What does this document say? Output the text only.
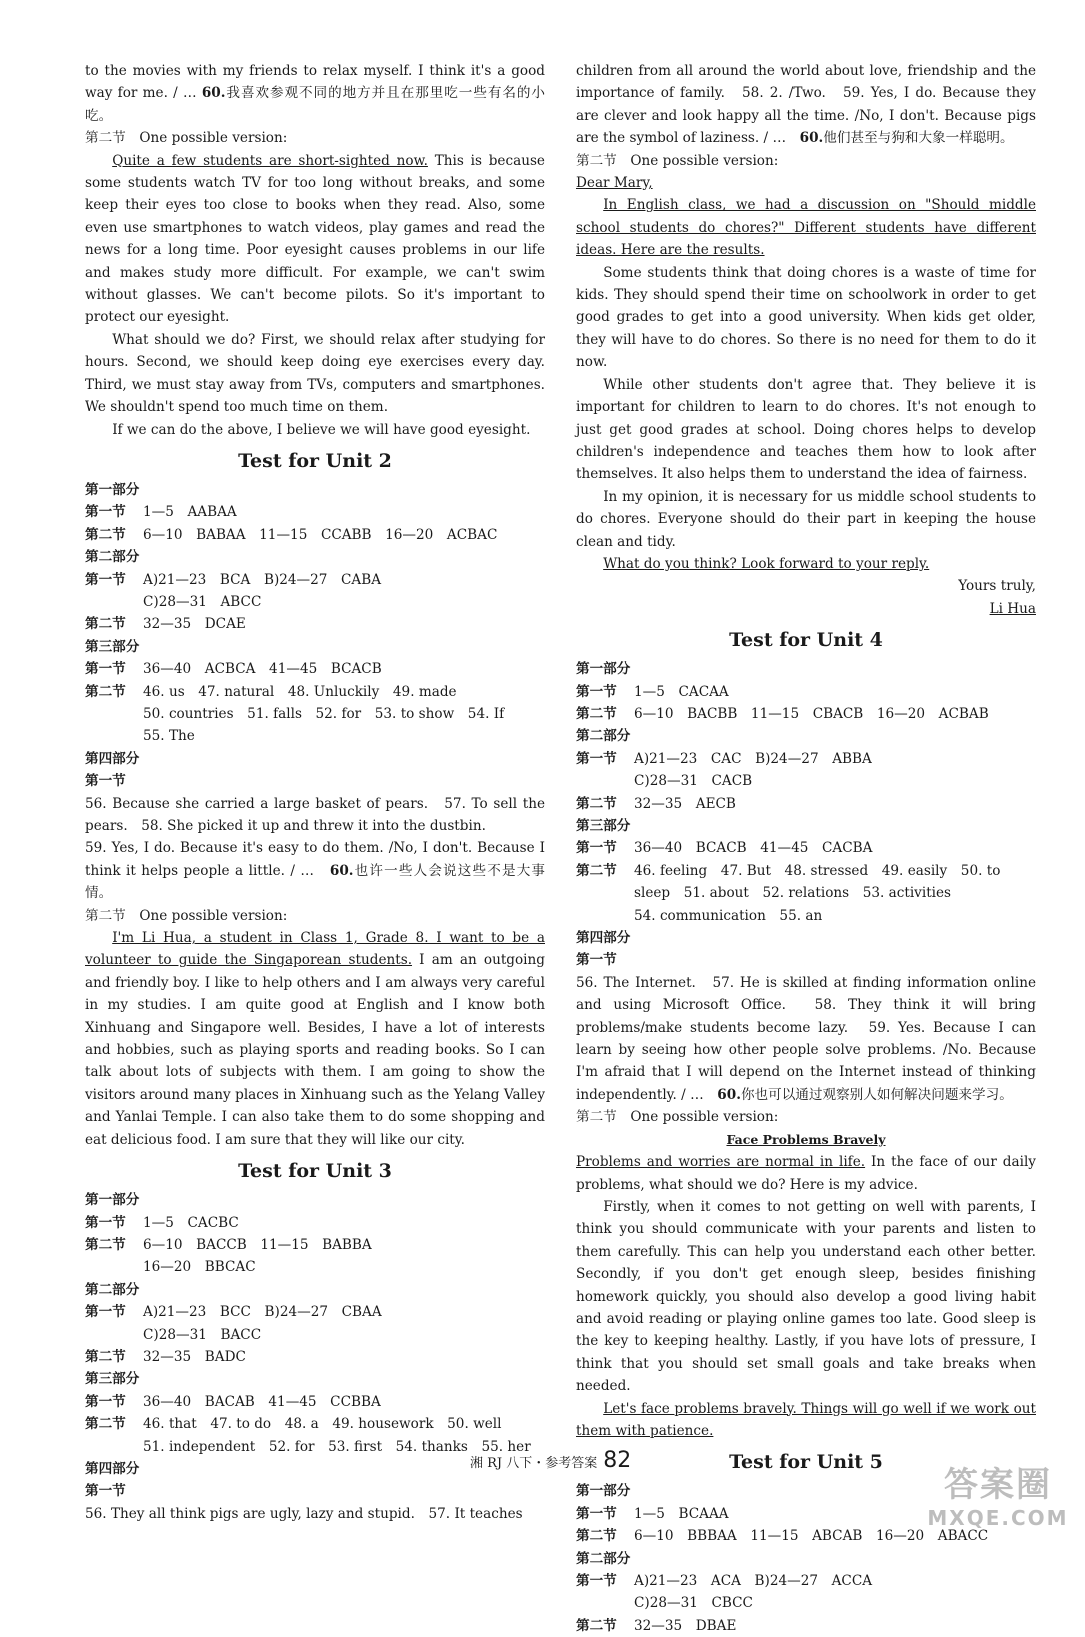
to the movies with my friends to relax myself. I think it's a good way for me. / … 60.我喜欢参观不同的地方并且在那里吃一些有名的小吃。

第二节　One possible version:

Quite a few students are short-sighted now. This is because some students watch TV for too long without breaks, and some keep their eyes too close to books when they read. Also, some even use smartphones to watch videos, play games and read the news for a long time. Poor eyesight causes problems in our life and makes study more difficult. For example, we can't swim without glasses. We can't become pilots. So it's important to protect our eyesight.

What should we do? First, we should relax after studying for hours. Second, we should keep doing eye exercises every day. Third, we must stay away from TVs, computers and smartphones. We shouldn't spend too much time on them.

If we can do the above, I believe we will have good eyesight.

Test for Unit 2
第一部分
第一节	1—5　AABAA
第二节	6—10　BABAA　11—15　CCABB　16—20　ACBAC
第二部分
第一节	A)21—23　BCA　B)24—27　CABA
C)28—31　ABCC
第二节	32—35　DCAE
第三部分
第一节	36—40　ACBCA　41—45　BCACB
第二节	46. us　47. natural　48. Unluckily　49. made
50. countries　51. falls　52. for　53. to show　54. If
55. The
第四部分
第一节

56. Because she carried a large basket of pears.　57. To sell the pears.　58. She picked it up and threw it into the dustbin.

59. Yes, I do. Because it's easy to do them. /No, I don't. Because I think it helps people a little. / …　60.也许一些人会说这些不是大事情。

第二节　One possible version:

I'm Li Hua, a student in Class 1, Grade 8. I want to be a volunteer to guide the Singaporean students. I am an outgoing and friendly boy. I like to help others and I am always very careful in my studies. I am quite good at English and I know both Xinhuang and Singapore well. Besides, I have a lot of interests and hobbies, such as playing sports and reading books. So I can talk about lots of subjects with them. I am going to show the visitors around many places in Xinhuang such as the Yelang Valley and Yanlai Temple. I can also take them to do some shopping and eat delicious food. I am sure that they will like our city.

Test for Unit 3
第一部分
第一节	1—5　CACBC
第二节	6—10　BACCB　11—15　BABBA
16—20　BBCAC
第二部分
第一节	A)21—23　BCC　B)24—27　CBAA
C)28—31　BACC
第二节	32—35　BADC
第三部分
第一节	36—40　BACAB　41—45　CCBBA
第二节	46. that　47. to do　48. a　49. housework　50. well
51. independent　52. for　53. first　54. thanks　55. her
第四部分
第一节

56. They all think pigs are ugly, lazy and stupid.　57. It teaches

children from all around the world about love, friendship and the importance of family.　58. 2. /Two.　59. Yes, I do. Because they are clever and look happy all the time. /No, I don't. Because pigs are the symbol of laziness. / …　60.他们甚至与狗和大象一样聪明。

第二节　One possible version:

Dear Mary,

In English class, we had a discussion on "Should middle school students do chores?" Different students have different ideas. Here are the results.

Some students think that doing chores is a waste of time for kids. They should spend their time on schoolwork in order to get good grades to get into a good university. When kids get older, they will have to do chores. So there is no need for them to do it now.

While other students don't agree that. They believe it is important for children to learn to do chores. It's not enough to just get good grades at school. Doing chores helps to develop children's independence and teaches them how to look after themselves. It also helps them to understand the idea of fairness.

In my opinion, it is necessary for us middle school students to do chores. Everyone should do their part in keeping the house clean and tidy.

What do you think? Look forward to your reply.

Yours truly,

Li Hua

Test for Unit 4
第一部分
第一节	1—5　CACAA
第二节	6—10　BACBB　11—15　CBACB　16—20　ACBAB
第二部分
第一节	A)21—23　CAC　B)24—27　ABBA
C)28—31　CACB
第二节	32—35　AECB
第三部分
第一节	36—40　BCACB　41—45　CACBA
第二节	46. feeling　47. But　48. stressed　49. easily　50. to sleep　51. about　52. relations　53. activities
54. communication　55. an
第四部分
第一节

56. The Internet.　57. He is skilled at finding information online and using Microsoft Office.　58. They think it will bring problems/make students become lazy.　59. Yes. Because I can learn by seeing how other people solve problems. /No. Because I'm afraid that I will depend on the Internet instead of thinking independently. / …　60.你也可以通过观察别人如何解决问题来学习。

第二节　One possible version:

Face Problems Bravely

Problems and worries are normal in life. In the face of our daily problems, what should we do? Here is my advice.

Firstly, when it comes to not getting on well with parents, I think you should communicate with your parents and listen to them carefully. This can help you understand each other better. Secondly, if you don't get enough sleep, besides finishing homework quickly, you should also develop a good living habit and avoid reading or playing online games too late. Good sleep is the key to keeping healthy. Lastly, if you have lots of pressure, I think that you should set small goals and take breaks when needed.

Let's face problems bravely. Things will go well if we work out them with patience.

Test for Unit 5
第一部分
第一节	1—5　BCAAA
第二节	6—10　BBBAA　11—15　ABCAB　16—20　ABACC
第二部分
第一节	A)21—23　ACA　B)24—27　ACCA
C)28—31　CBCC
第二节	32—35　DBAE
湘 RJ 八下・参考答案 82
答案圈
MXQE.COM
